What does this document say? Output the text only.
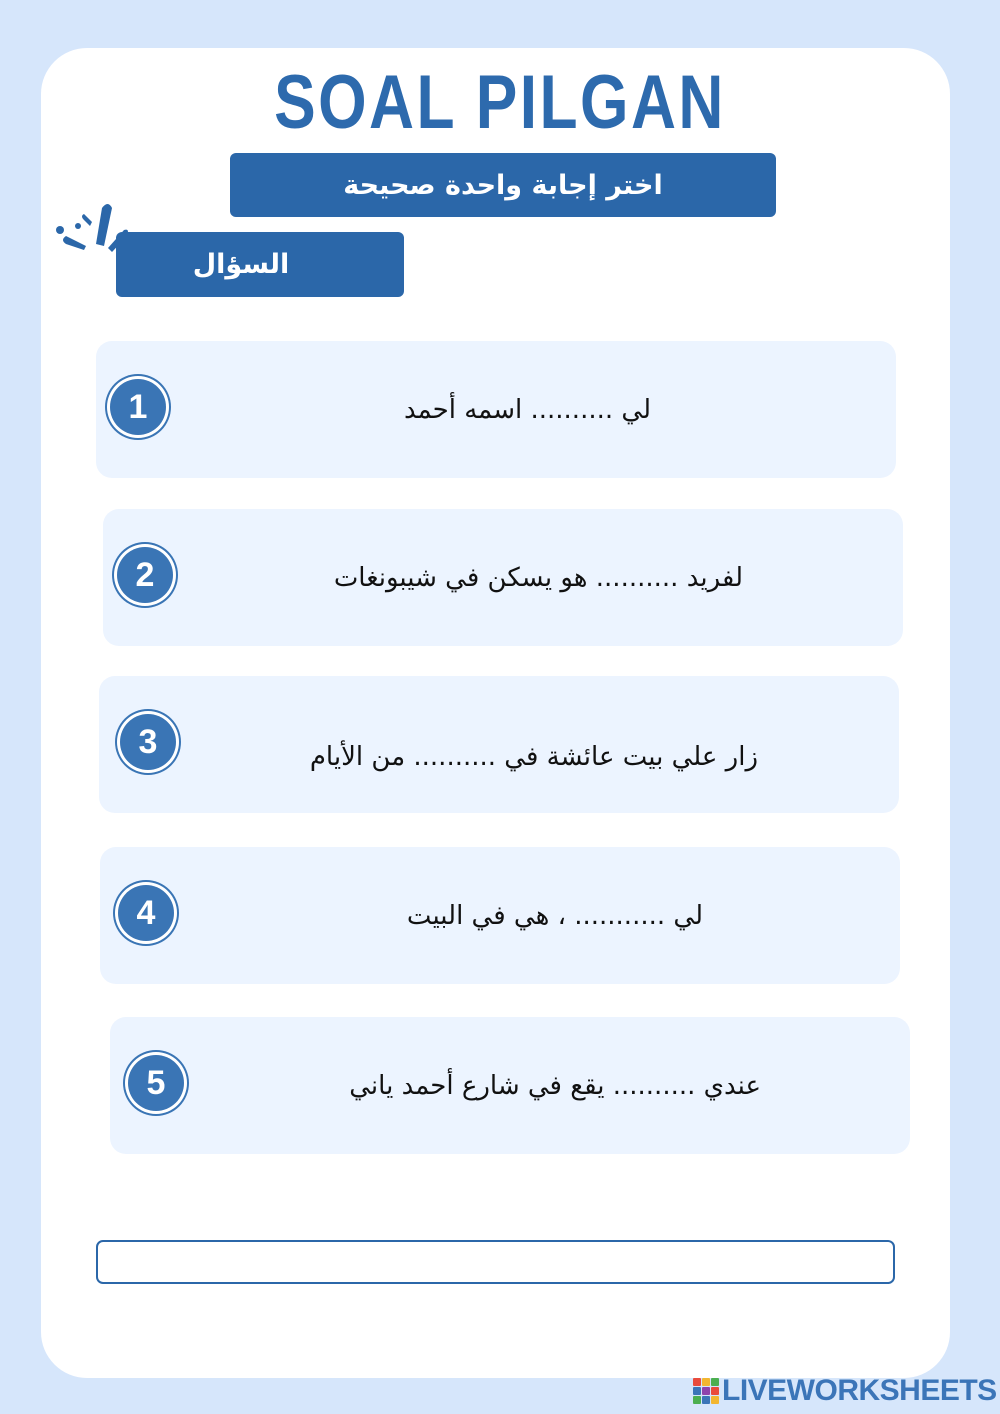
SOAL PILGAN
اختر إجابة واحدة صحيحة
السؤال
1	لي .......... اسمه أحمد
2	لفريد .......... هو يسكن في شيبونغات
3	زار علي بيت عائشة في .......... من الأيام
4	لي ........... ، هي في البيت
5	عندي .......... يقع في شارع أحمد ياني
LIVEWORKSHEETS
